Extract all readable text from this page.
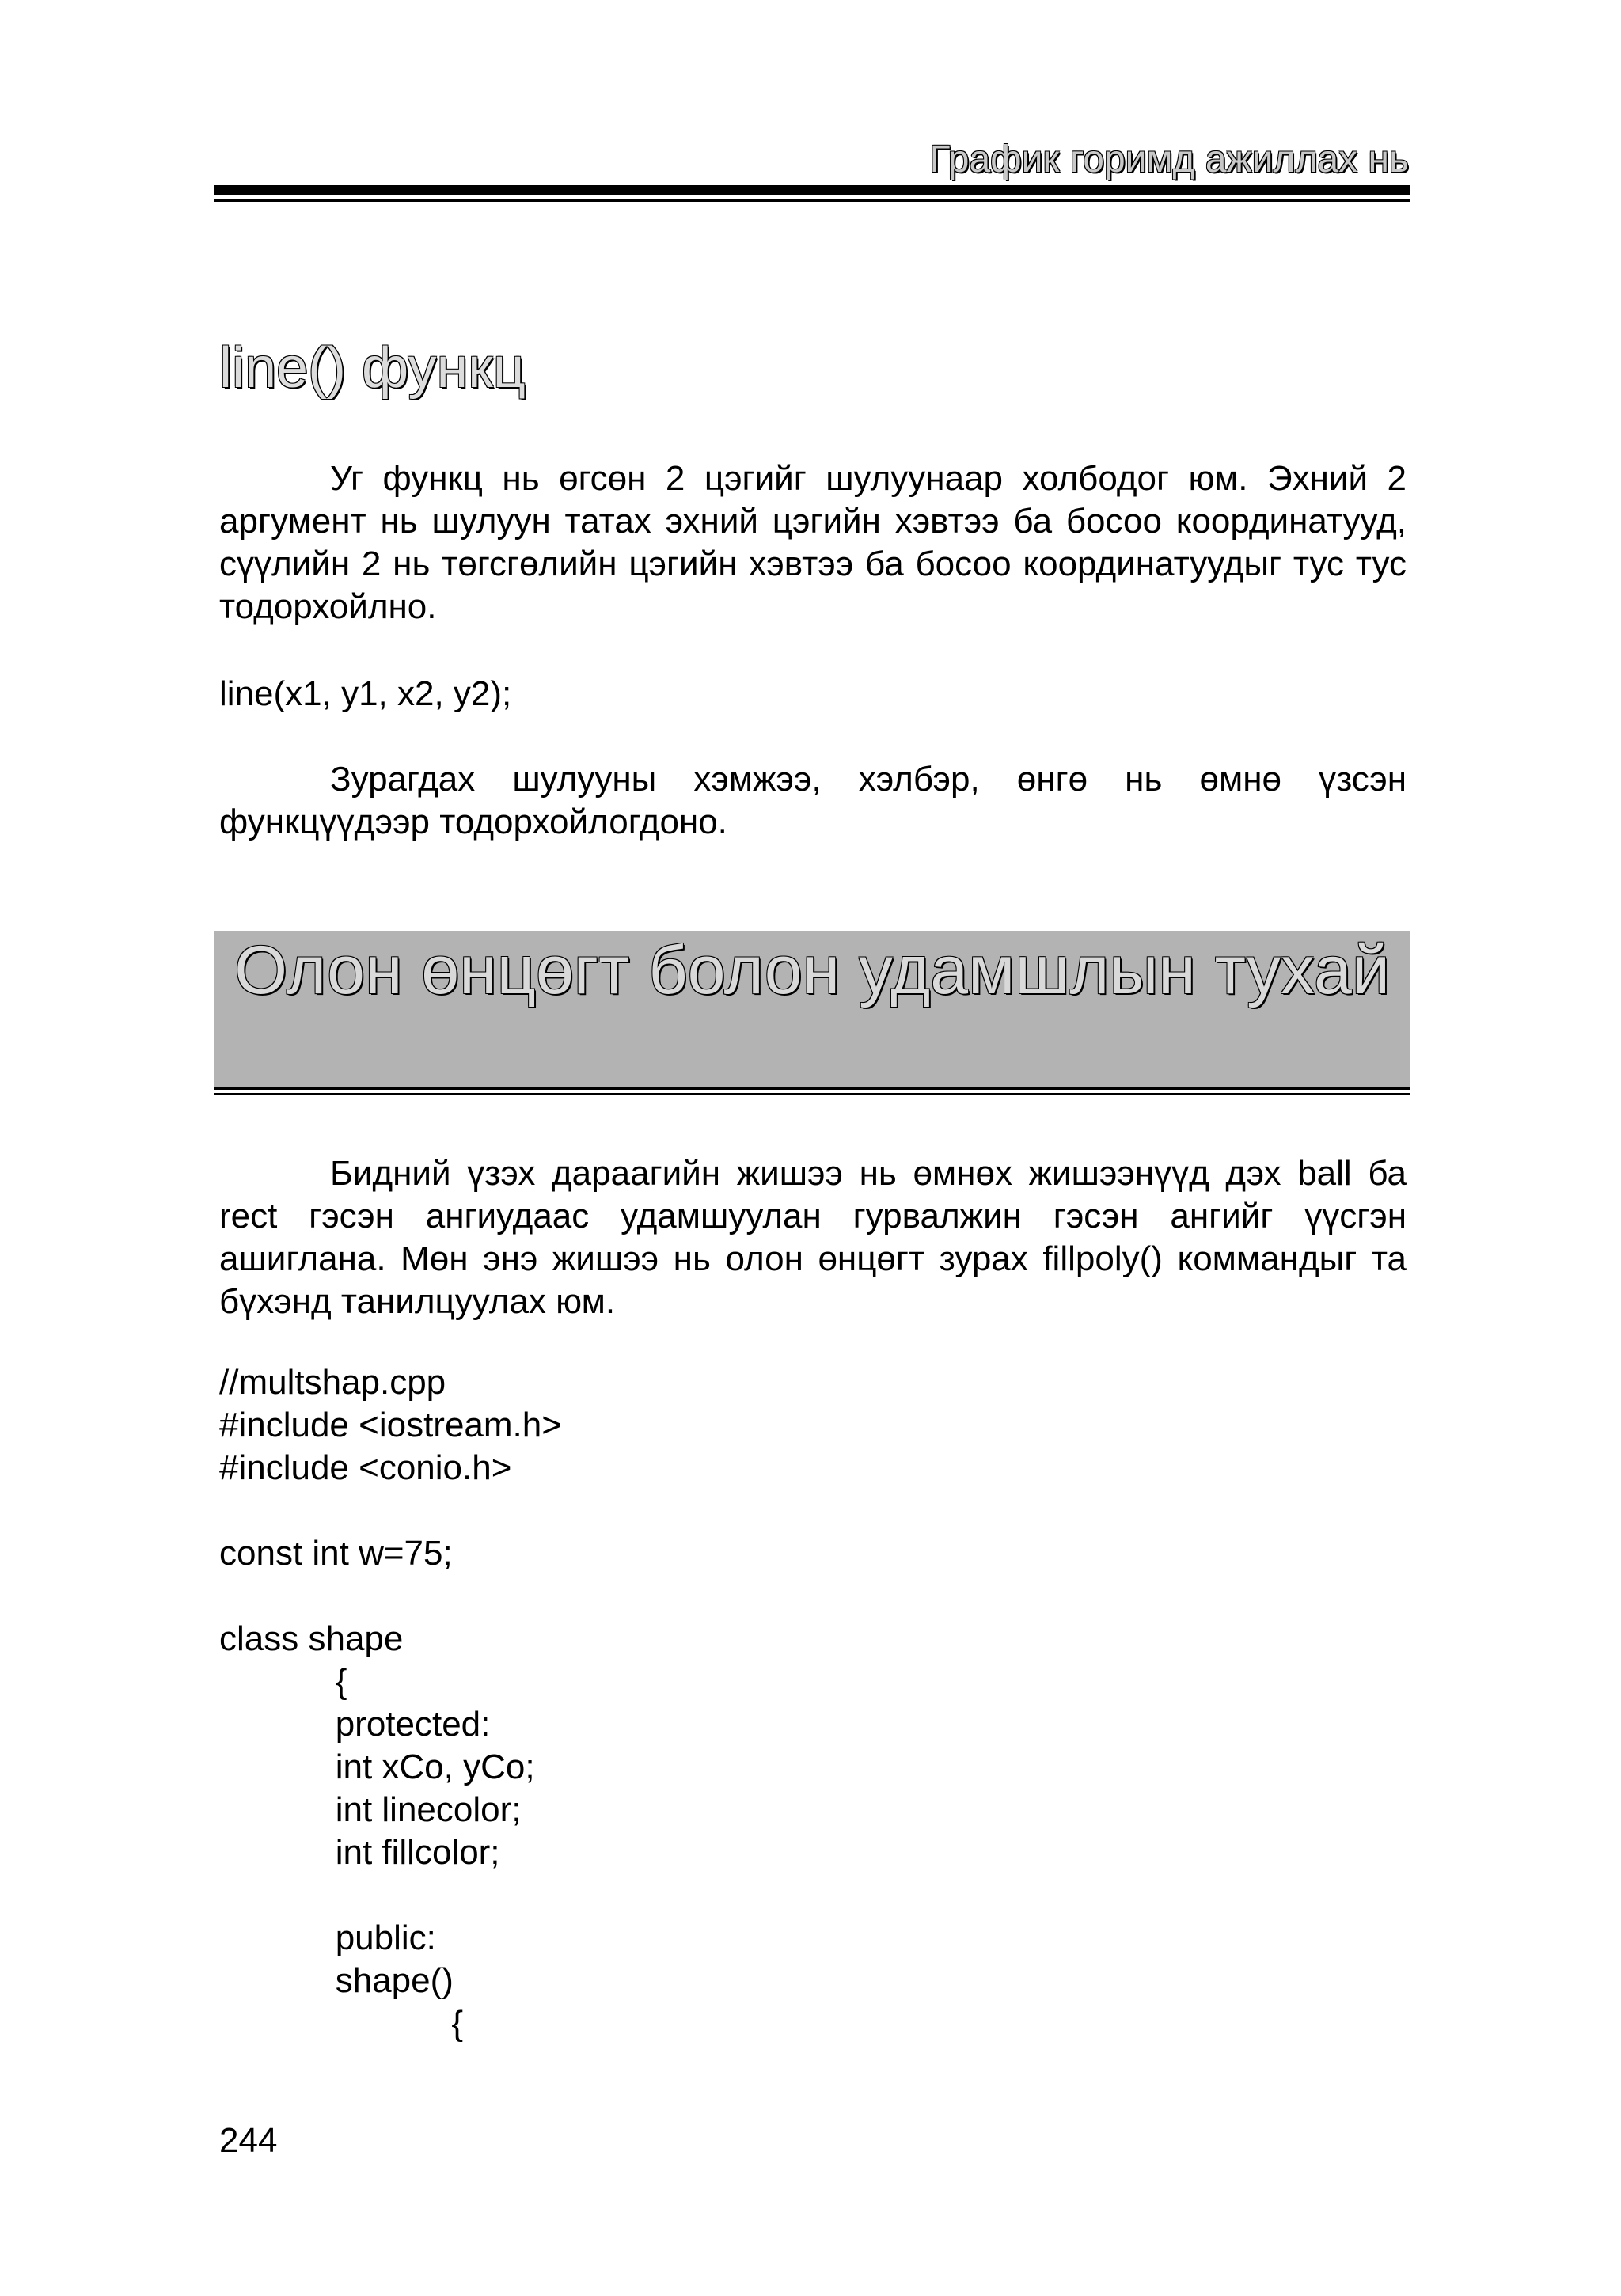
График горимд ажиллах нь
line() функц

Уг функц нь өгсөн 2 цэгийг шулуунаар холбодог юм. Эхний 2 аргумент нь шулуун татах эхний цэгийн хэвтээ ба босоо координатууд, сүүлийн 2 нь төгсгөлийн цэгийн хэвтээ ба босоо координатуудыг тус тус тодорхойлно.

line(x1, y1, x2, y2);

Зурагдах шулууны хэмжээ, хэлбэр, өнгө нь өмнө үзсэн функцүүдээр тодорхойлогдоно.

Олон өнцөгт болон удамшлын тухай

Бидний үзэх дараагийн жишээ нь өмнөх жишээнүүд дэх ball ба rect гэсэн ангиудаас удамшуулан гурвалжин гэсэн ангийг үүсгэн ашиглана. Мөн энэ жишээ нь олон өнцөгт зурах fillpoly() коммандыг та бүхэнд танилцуулах юм.

//multshap.cpp
#include <iostream.h>
#include <conio.h>
const int w=75;
class shape
{
protected:
int xCo, yCo;
int linecolor;
int fillcolor;
public:
shape()
{
244
